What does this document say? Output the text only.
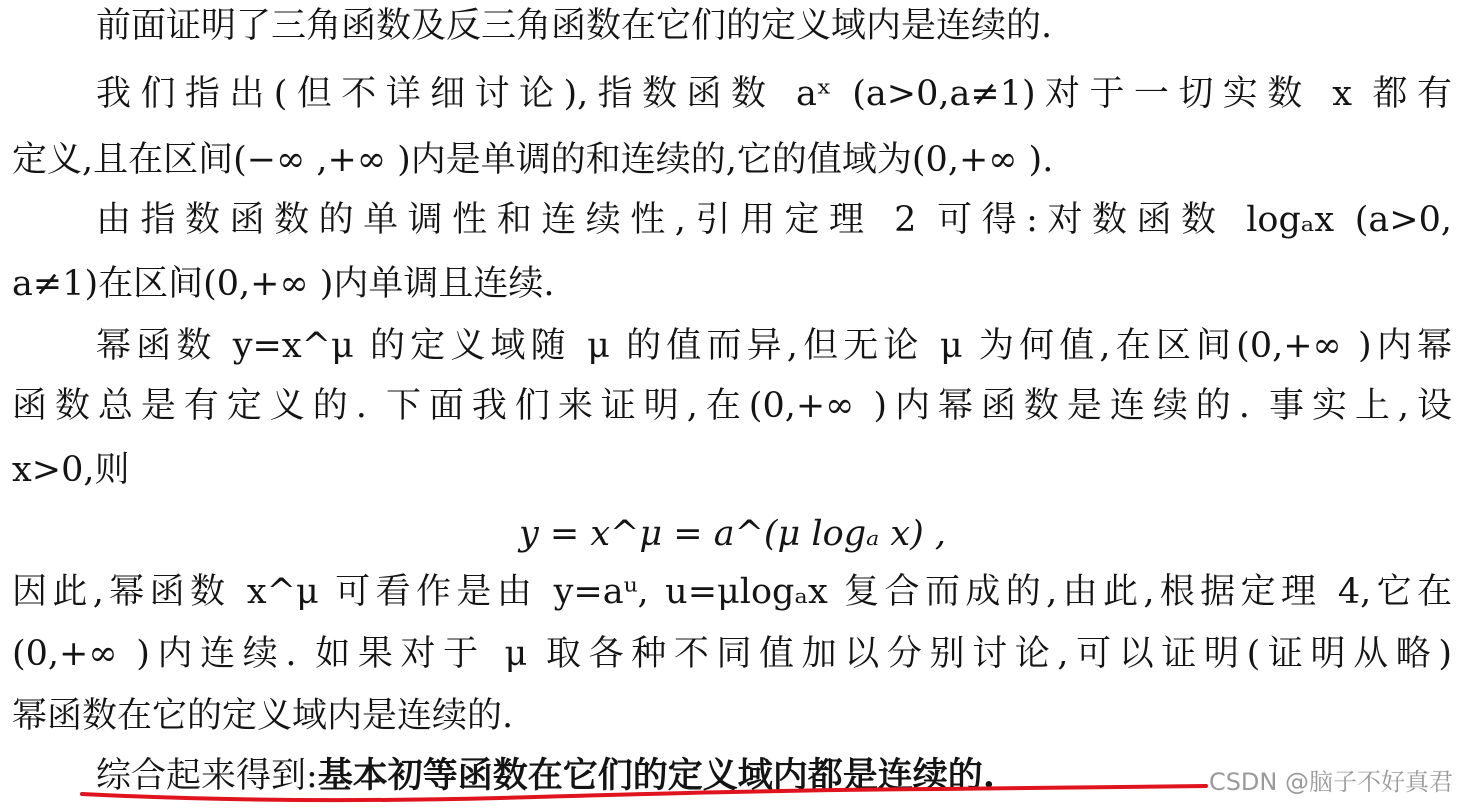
前面证明了三角函数及反三角函数在它们的定义域内是连续的.
我们指出(但不详细讨论),指数函数 aˣ (a>0,a≠1)对于一切实数 x 都有
定义,且在区间(−∞ ,+∞ )内是单调的和连续的,它的值域为(0,+∞ ).
由指数函数的单调性和连续性,引用定理 2 可得:对数函数 logₐx (a>0,
a≠1)在区间(0,+∞ )内单调且连续.
幂函数 y=x^μ 的定义域随 μ 的值而异,但无论 μ 为何值,在区间(0,+∞ )内幂
函数总是有定义的. 下面我们来证明,在(0,+∞ )内幂函数是连续的. 事实上,设
x>0,则
y = x^μ = a^(μ logₐ x) ,
因此,幂函数 x^μ 可看作是由 y=aᵘ, u=μlogₐx 复合而成的,由此,根据定理 4,它在
(0,+∞ )内连续. 如果对于 μ 取各种不同值加以分别讨论,可以证明(证明从略)
幂函数在它的定义域内是连续的.
综合起来得到:基本初等函数在它们的定义域内都是连续的.	CSDN @脑子不好真君
